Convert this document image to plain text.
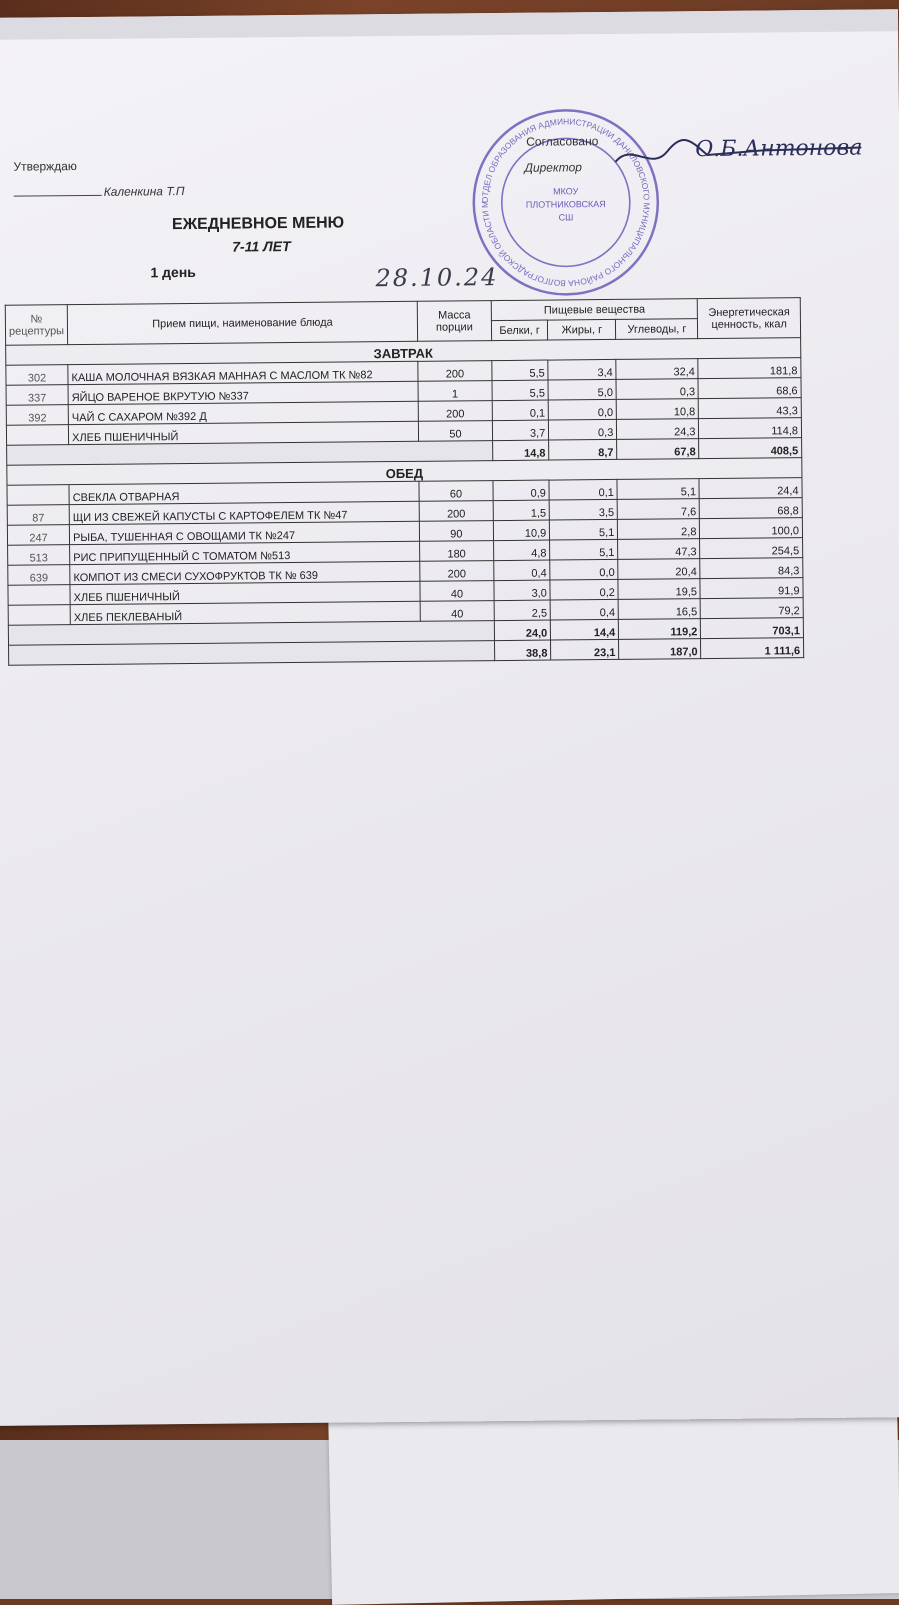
Утверждаю
Каленкина Т.П
ОТДЕЛ ОБРАЗОВАНИЯ АДМИНИСТРАЦИИ ДАНИЛОВСКОГО МУНИЦИПАЛЬНОГО РАЙОНА ВОЛГОГРАДСКОЙ ОБЛАСТИ МУНИЦИПАЛЬНОЕ
МКОУ
ПЛОТНИКОВСКАЯ
СШ
Согласовано
Директор
О.Б.Антонова
ЕЖЕДНЕВНОЕ МЕНЮ
7-11 ЛЕТ
1 день	28.10.24
№ рецептуры	Прием пищи, наименование блюда	Масса порции	Пищевые вещества			Энергетическая ценность, ккал
			Белки, г	Жиры, г	Углеводы, г	
ЗАВТРАК						
302	КАША МОЛОЧНАЯ ВЯЗКАЯ МАННАЯ С МАСЛОМ ТК №82	200	5,5	3,4	32,4	181,8
337	ЯЙЦО ВАРЕНОЕ ВКРУТУЮ №337	1	5,5	5,0	0,3	68,6
392	ЧАЙ С САХАРОМ №392 Д	200	0,1	0,0	10,8	43,3
	ХЛЕБ ПШЕНИЧНЫЙ	50	3,7	0,3	24,3	114,8
			14,8	8,7	67,8	408,5
ОБЕД						
	СВЕКЛА ОТВАРНАЯ	60	0,9	0,1	5,1	24,4
87	ЩИ ИЗ СВЕЖЕЙ КАПУСТЫ С КАРТОФЕЛЕМ ТК №47	200	1,5	3,5	7,6	68,8
247	РЫБА, ТУШЕННАЯ С ОВОЩАМИ ТК №247	90	10,9	5,1	2,8	100,0
513	РИС ПРИПУЩЕННЫЙ С ТОМАТОМ №513	180	4,8	5,1	47,3	254,5
639	КОМПОТ ИЗ СМЕСИ СУХОФРУКТОВ ТК № 639	200	0,4	0,0	20,4	84,3
	ХЛЕБ ПШЕНИЧНЫЙ	40	3,0	0,2	19,5	91,9
	ХЛЕБ ПЕКЛЕВАНЫЙ	40	2,5	0,4	16,5	79,2
			24,0	14,4	119,2	703,1
			38,8	23,1	187,0	1 111,6
